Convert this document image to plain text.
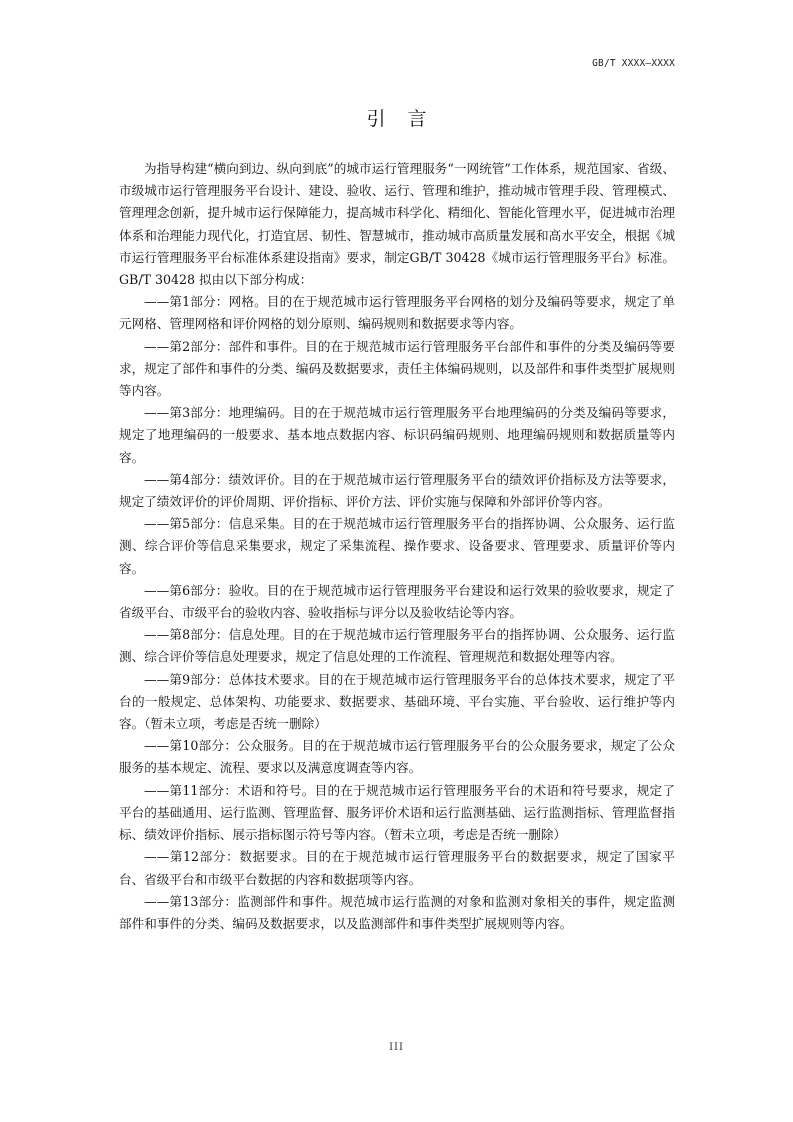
GB/T XXXX—XXXX
引言

为指导构建“横向到边、纵向到底”的城市运行管理服务“一网统管”工作体系，规范国家、省级、市级城市运行管理服务平台设计、建设、验收、运行、管理和维护，推动城市管理手段、管理模式、管理理念创新，提升城市运行保障能力，提高城市科学化、精细化、智能化管理水平，促进城市治理体系和治理能力现代化，打造宜居、韧性、智慧城市，推动城市高质量发展和高水平安全，根据《城市运行管理服务平台标准体系建设指南》要求，制定GB/T 30428《城市运行管理服务平台》标准。GB/T 30428 拟由以下部分构成：

——第1部分：网格。目的在于规范城市运行管理服务平台网格的划分及编码等要求，规定了单元网格、管理网格和评价网格的划分原则、编码规则和数据要求等内容。

——第2部分：部件和事件。目的在于规范城市运行管理服务平台部件和事件的分类及编码等要求，规定了部件和事件的分类、编码及数据要求，责任主体编码规则，以及部件和事件类型扩展规则等内容。

——第3部分：地理编码。目的在于规范城市运行管理服务平台地理编码的分类及编码等要求，规定了地理编码的一般要求、基本地点数据内容、标识码编码规则、地理编码规则和数据质量等内容。

——第4部分：绩效评价。目的在于规范城市运行管理服务平台的绩效评价指标及方法等要求，规定了绩效评价的评价周期、评价指标、评价方法、评价实施与保障和外部评价等内容。

——第5部分：信息采集。目的在于规范城市运行管理服务平台的指挥协调、公众服务、运行监测、综合评价等信息采集要求，规定了采集流程、操作要求、设备要求、管理要求、质量评价等内容。

——第6部分：验收。目的在于规范城市运行管理服务平台建设和运行效果的验收要求，规定了省级平台、市级平台的验收内容、验收指标与评分以及验收结论等内容。

——第8部分：信息处理。目的在于规范城市运行管理服务平台的指挥协调、公众服务、运行监测、综合评价等信息处理要求，规定了信息处理的工作流程、管理规范和数据处理等内容。

——第9部分：总体技术要求。目的在于规范城市运行管理服务平台的总体技术要求，规定了平台的一般规定、总体架构、功能要求、数据要求、基础环境、平台实施、平台验收、运行维护等内容。（暂未立项，考虑是否统一删除）

——第10部分：公众服务。目的在于规范城市运行管理服务平台的公众服务要求，规定了公众服务的基本规定、流程、要求以及满意度调查等内容。

——第11部分：术语和符号。目的在于规范城市运行管理服务平台的术语和符号要求，规定了平台的基础通用、运行监测、管理监督、服务评价术语和运行监测基础、运行监测指标、管理监督指标、绩效评价指标、展示指标图示符号等内容。（暂未立项，考虑是否统一删除）

——第12部分：数据要求。目的在于规范城市运行管理服务平台的数据要求，规定了国家平台、省级平台和市级平台数据的内容和数据项等内容。

——第13部分：监测部件和事件。规范城市运行监测的对象和监测对象相关的事件，规定监测部件和事件的分类、编码及数据要求，以及监测部件和事件类型扩展规则等内容。

III
